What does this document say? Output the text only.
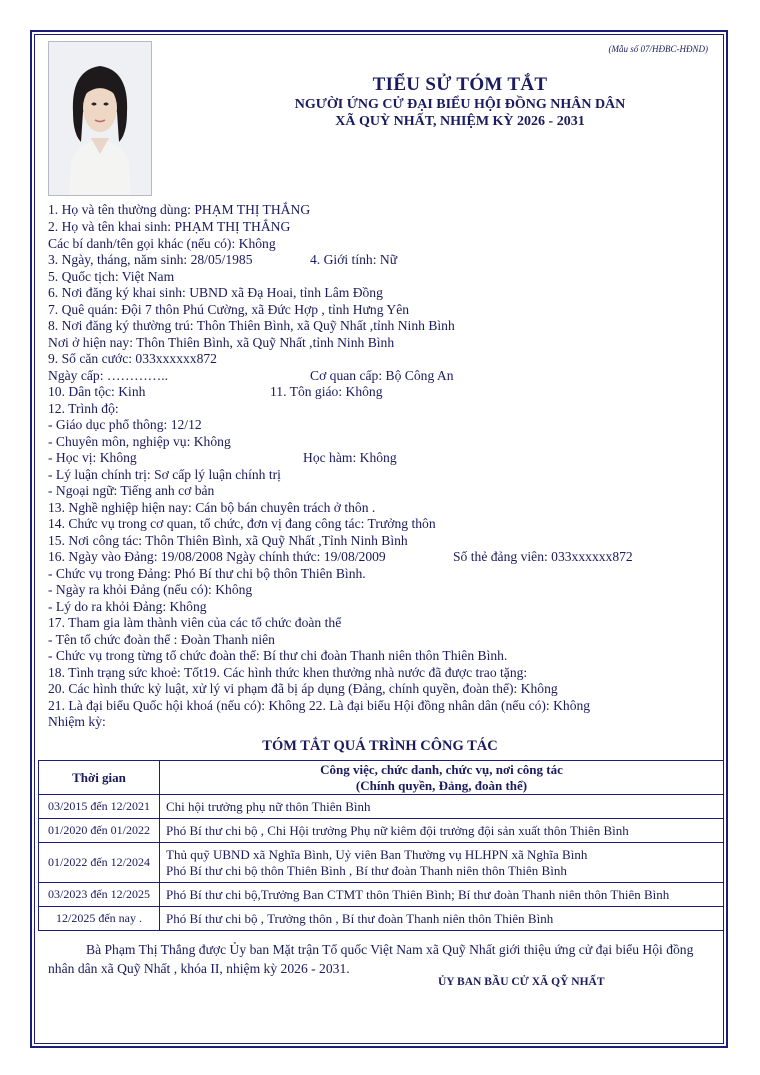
(Mẫu số 07/HĐBC-HĐND)
TIỂU SỬ TÓM TẮT
NGƯỜI ỨNG CỬ ĐẠI BIỂU HỘI ĐỒNG NHÂN DÂN
XÃ QUỲ NHẤT, NHIỆM KỲ 2026 - 2031
1. Họ và tên thường dùng: PHẠM THỊ THẮNG
2. Họ và tên khai sinh: PHẠM THỊ THẮNG
Các bí danh/tên gọi khác (nếu có): Không
3. Ngày, tháng, năm sinh: 28/05/1985	4. Giới tính: Nữ
5. Quốc tịch: Việt Nam
6. Nơi đăng ký khai sinh: UBND xã Đạ Hoai, tỉnh Lâm Đồng
7. Quê quán: Đội 7 thôn Phú Cường, xã Đức Hợp , tỉnh Hưng Yên
8. Nơi đăng ký thường trú: Thôn Thiên Bình, xã Quỹ Nhất ,tỉnh Ninh Bình
Nơi ở hiện nay: Thôn Thiên Bình, xã Quỹ Nhất ,tỉnh Ninh Bình
9. Số căn cước: 033xxxxxx872
Ngày cấp: …………..	Cơ quan cấp: Bộ Công An
10. Dân tộc: Kinh	11. Tôn giáo: Không
12. Trình độ:
- Giáo dục phổ thông: 12/12
- Chuyên môn, nghiệp vụ: Không
- Học vị: Không	Học hàm: Không
- Lý luận chính trị: Sơ cấp lý luận chính trị
- Ngoại ngữ: Tiếng anh cơ bản
13. Nghề nghiệp hiện nay: Cán bộ bán chuyên trách ở thôn .
14. Chức vụ trong cơ quan, tổ chức, đơn vị đang công tác: Trưởng thôn
15. Nơi công tác: Thôn Thiên Bình, xã Quỹ Nhất ,Tỉnh Ninh Bình
16. Ngày vào Đảng: 19/08/2008 Ngày chính thức: 19/08/2009	Số thẻ đảng viên: 033xxxxxx872
- Chức vụ trong Đảng: Phó Bí thư chi bộ thôn Thiên Bình.
- Ngày ra khỏi Đảng (nếu có): Không
- Lý do ra khỏi Đảng: Không
17. Tham gia làm thành viên của các tổ chức đoàn thể
- Tên tổ chức đoàn thể : Đoàn Thanh niên
- Chức vụ trong từng tổ chức đoàn thể: Bí thư chi đoàn Thanh niên thôn Thiên Bình.
18. Tình trạng sức khoẻ: Tốt19. Các hình thức khen thưởng nhà nước đã được trao tặng:
20. Các hình thức kỷ luật, xử lý vi phạm đã bị áp dụng (Đảng, chính quyền, đoàn thể): Không
21. Là đại biểu Quốc hội khoá (nếu có): Không 22. Là đại biểu Hội đồng nhân dân (nếu có): Không
Nhiệm kỳ:
TÓM TẮT QUÁ TRÌNH CÔNG TÁC
Thời gian	Công việc, chức danh, chức vụ, nơi công tác
(Chính quyền, Đảng, đoàn thể)

03/2015 đến 12/2021	Chi hội trưởng phụ nữ thôn Thiên Bình
01/2020 đến 01/2022	Phó Bí thư chi bộ , Chi Hội trưởng Phụ nữ kiêm đội trưởng đội sản xuất thôn Thiên Bình
01/2022 đến 12/2024	Thủ quỹ UBND xã Nghĩa Bình, Uỷ viên Ban Thường vụ HLHPN xã Nghĩa Bình
Phó Bí thư chi bộ thôn Thiên Bình , Bí thư đoàn Thanh niên thôn Thiên Bình

03/2023 đến 12/2025	Phó Bí thư chi bộ,Trưởng Ban CTMT thôn Thiên Bình; Bí thư đoàn Thanh niên thôn Thiên Bình
12/2025 đến nay .	Phó Bí thư chi bộ , Trưởng thôn , Bí thư đoàn Thanh niên thôn Thiên Bình
Bà Phạm Thị Thắng được Ủy ban Mặt trận Tổ quốc Việt Nam xã Quỹ Nhất giới thiệu ứng cử đại biểu Hội đồng nhân dân xã Quỹ Nhất , khóa II, nhiệm kỳ 2026 - 2031.
ỦY BAN BẦU CỬ XÃ QỸ NHẤT
